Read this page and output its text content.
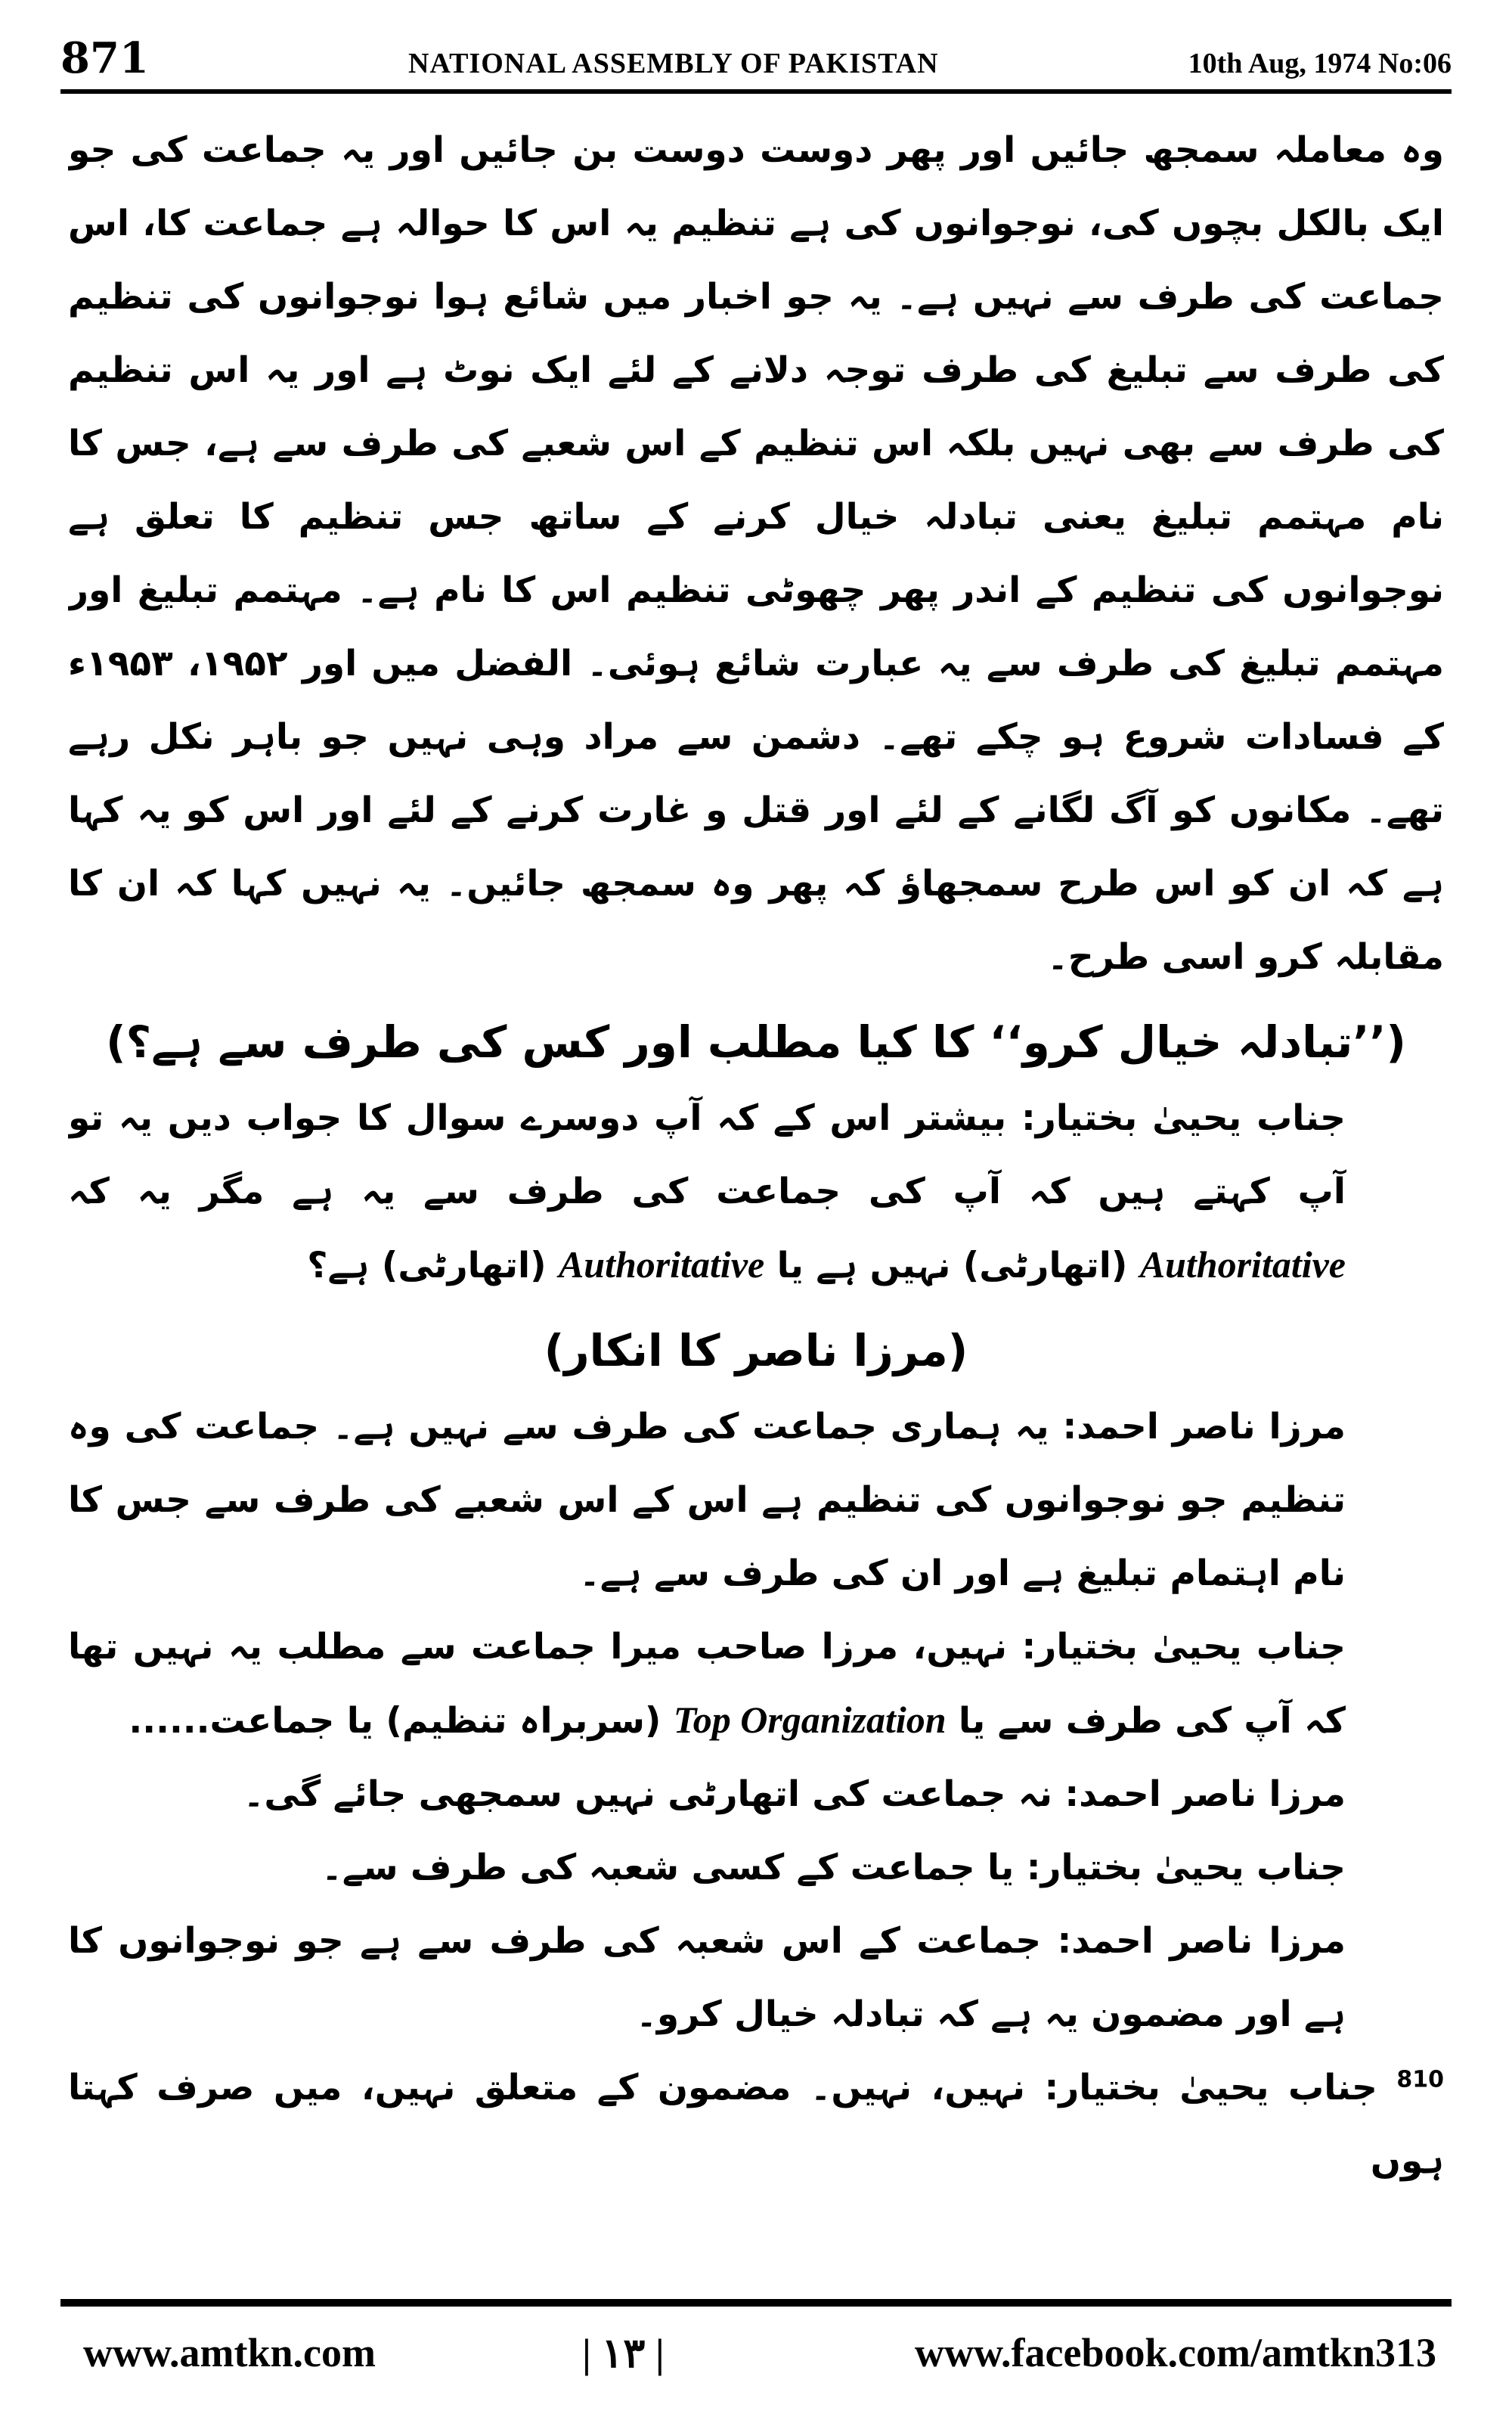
871	NATIONAL ASSEMBLY OF PAKISTAN	10th Aug, 1974 No:06

وہ معاملہ سمجھ جائیں اور پھر دوست دوست بن جائیں اور یہ جماعت کی جو ایک بالکل بچوں کی، نوجوانوں کی ہے تنظیم یہ اس کا حوالہ ہے جماعت کا، اس جماعت کی طرف سے نہیں ہے۔ یہ جو اخبار میں شائع ہوا نوجوانوں کی تنظیم کی طرف سے تبلیغ کی طرف توجہ دلانے کے لئے ایک نوٹ ہے اور یہ اس تنظیم کی طرف سے بھی نہیں بلکہ اس تنظیم کے اس شعبے کی طرف سے ہے، جس کا نام مہتمم تبلیغ یعنی تبادلہ خیال کرنے کے ساتھ جس تنظیم کا تعلق ہے نوجوانوں کی تنظیم کے اندر پھر چھوٹی تنظیم اس کا نام ہے۔ مہتمم تبلیغ اور مہتمم تبلیغ کی طرف سے یہ عبارت شائع ہوئی۔ الفضل میں اور ۱۹۵۲، ۱۹۵۳ء کے فسادات شروع ہو چکے تھے۔ دشمن سے مراد وہی نہیں جو باہر نکل رہے تھے۔ مکانوں کو آگ لگانے کے لئے اور قتل و غارت کرنے کے لئے اور اس کو یہ کہا ہے کہ ان کو اس طرح سمجھاؤ کہ پھر وہ سمجھ جائیں۔ یہ نہیں کہا کہ ان کا مقابلہ کرو اسی طرح۔

(’’تبادلہ خیال کرو‘‘ کا کیا مطلب اور کس کی طرف سے ہے؟)

جناب یحییٰ بختیار: بیشتر اس کے کہ آپ دوسرے سوال کا جواب دیں یہ تو آپ کہتے ہیں کہ آپ کی جماعت کی طرف سے یہ ہے مگر یہ کہ Authoritative (اتھارٹی) نہیں ہے یا Authoritative (اتھارٹی) ہے؟

(مرزا ناصر کا انکار)

مرزا ناصر احمد: یہ ہماری جماعت کی طرف سے نہیں ہے۔ جماعت کی وہ تنظیم جو نوجوانوں کی تنظیم ہے اس کے اس شعبے کی طرف سے جس کا نام اہتمام تبلیغ ہے اور ان کی طرف سے ہے۔

جناب یحییٰ بختیار: نہیں، مرزا صاحب میرا جماعت سے مطلب یہ نہیں تھا کہ آپ کی طرف سے یا Top Organization (سربراہ تنظیم) یا جماعت......

مرزا ناصر احمد: نہ جماعت کی اتھارٹی نہیں سمجھی جائے گی۔

جناب یحییٰ بختیار: یا جماعت کے کسی شعبہ کی طرف سے۔

مرزا ناصر احمد: جماعت کے اس شعبہ کی طرف سے ہے جو نوجوانوں کا ہے اور مضمون یہ ہے کہ تبادلہ خیال کرو۔

$^{810}$ جناب یحییٰ بختیار: نہیں، نہیں۔ مضمون کے متعلق نہیں، میں صرف کہتا ہوں

www.amtkn.com	| ۱۳ |	www.facebook.com/amtkn313
